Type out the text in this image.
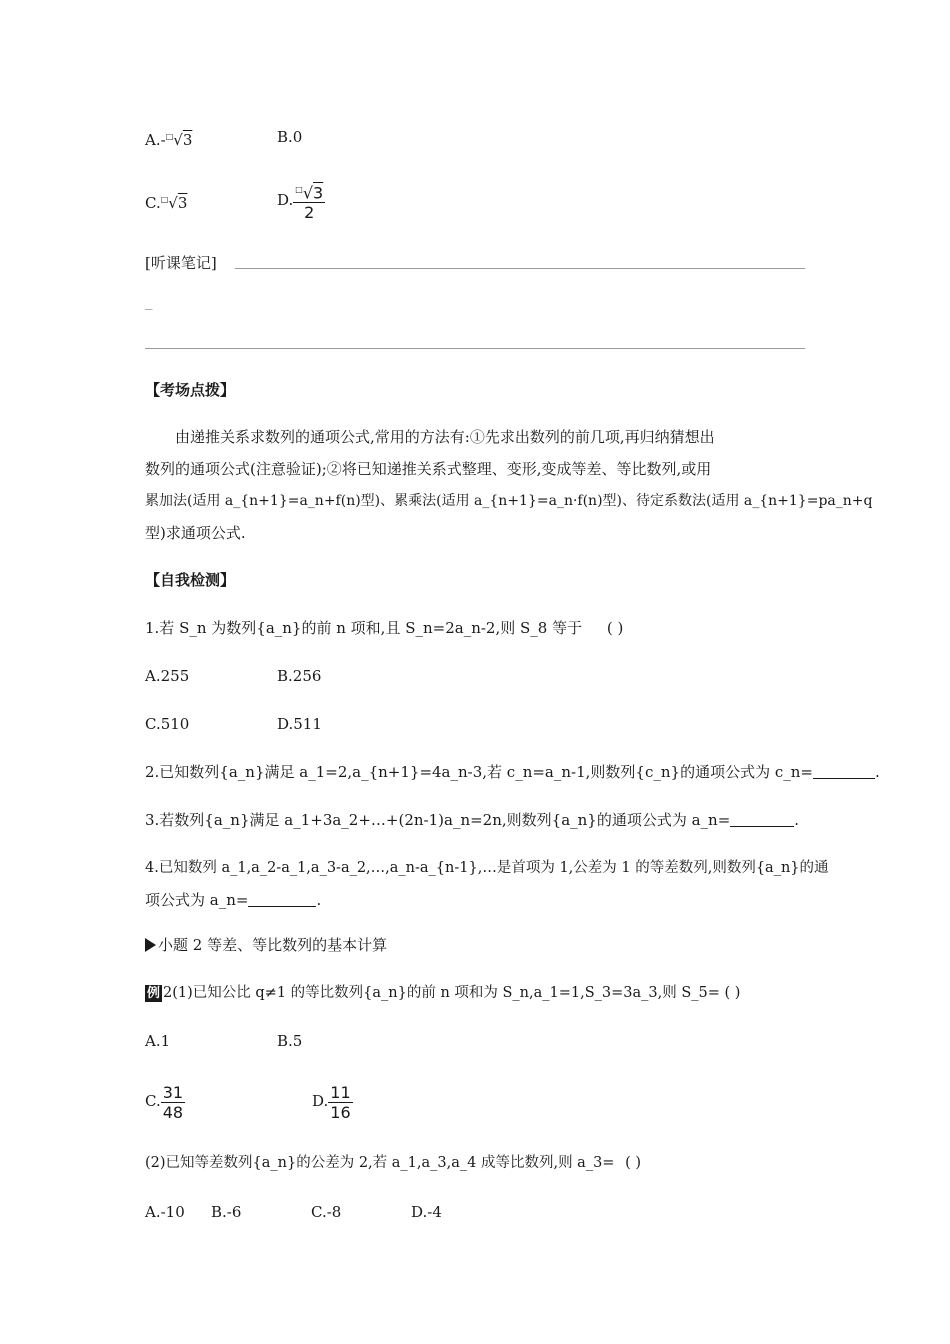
A.-□√3	B.0
C.□√3	D. $\frac{^□√3}{2}$
[听课笔记]
_
【考场点拨】
由递推关系求数列的通项公式,常用的方法有:①先求出数列的前几项,再归纳猜想出
数列的通项公式(注意验证);②将已知递推关系式整理、变形,变成等差、等比数列,或用
累加法(适用 a_{n+1}=a_n+f(n)型)、累乘法(适用 a_{n+1}=a_n·f(n)型)、待定系数法(适用 a_{n+1}=pa_n+q
型)求通项公式.
【自我检测】
1.若 S_n 为数列{a_n}的前 n 项和,且 S_n=2a_n-2,则 S_8 等于 ( )
A.255	B.256
C.510	D.511
2.已知数列{a_n}满足 a_1=2,a_{n+1}=4a_n-3,若 c_n=a_n-1,则数列{c_n}的通项公式为 c_n=	.
3.若数列{a_n}满足 a_1+3a_2+…+(2n-1)a_n=2n,则数列{a_n}的通项公式为 a_n=	.
4.已知数列 a_1,a_2-a_1,a_3-a_2,…,a_n-a_{n-1},…是首项为 1,公差为 1 的等差数列,则数列{a_n}的通
项公式为 a_n=	.
小题 2 等差、等比数列的基本计算
例 2(1)已知公比 q≠1 的等比数列{a_n}的前 n 项和为 S_n,a_1=1,S_3=3a_3,则 S_5= ( )
A.1	B.5
C. $\frac{31}{48}$	D. $\frac{11}{16}$
(2)已知等差数列{a_n}的公差为 2,若 a_1,a_3,a_4 成等比数列,则 a_3= ( )
A.-10 B.-6	C.-8	D.-4
